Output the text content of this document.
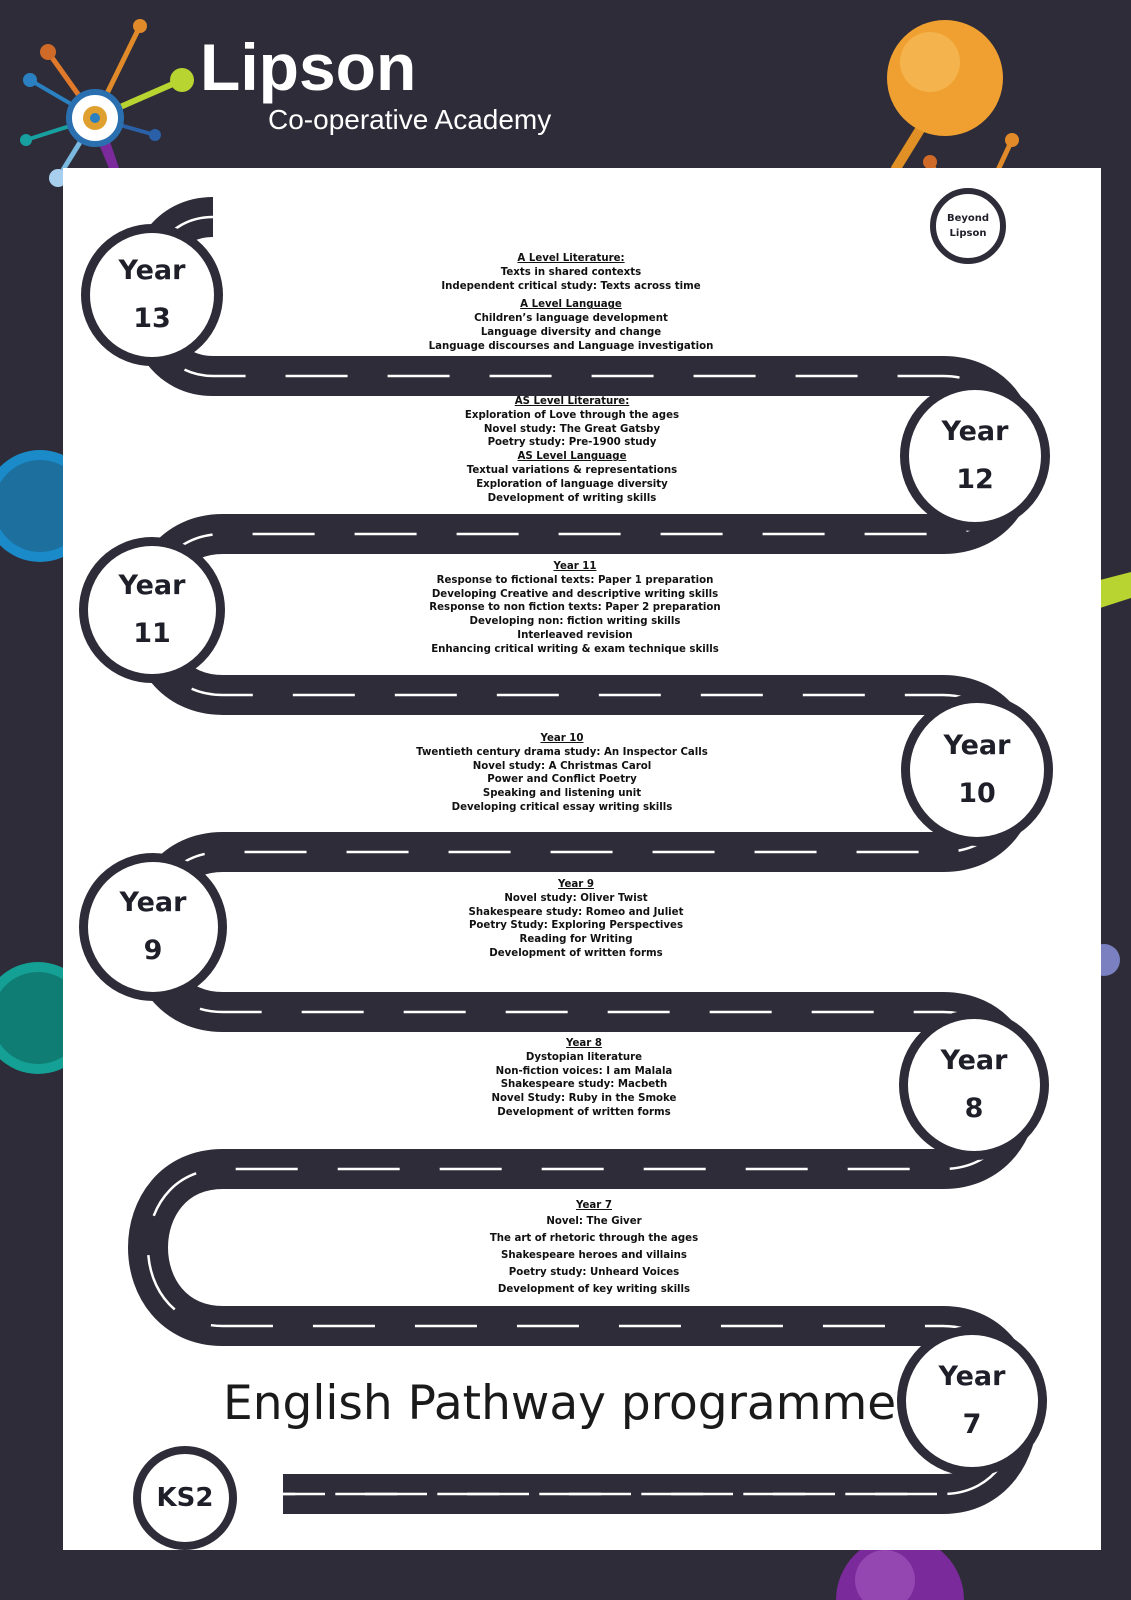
Lipson
Co-operative Academy
Year
13
Year
12
Year
11
Year
10
Year
9
Year
8
Year
7
KS2
Beyond
Lipson
A Level Literature:
Texts in shared contexts
Independent critical study: Texts across time
A Level Language
Children’s language development
Language diversity and change
Language discourses and Language investigation
AS Level Literature:
Exploration of Love through the ages
Novel study: The Great Gatsby
Poetry study: Pre-1900 study
AS Level Language
Textual variations & representations
Exploration of language diversity
Development of writing skills
Year 11
Response to fictional texts: Paper 1 preparation
Developing Creative and descriptive writing skills
Response to non fiction texts: Paper 2 preparation
Developing non: fiction writing skills
Interleaved revision
Enhancing critical writing & exam technique skills
Year 10
Twentieth century drama study: An Inspector Calls
Novel study: A Christmas Carol
Power and Conflict Poetry
Speaking and listening unit
Developing critical essay writing skills
Year 9
Novel study: Oliver Twist
Shakespeare study: Romeo and Juliet
Poetry Study: Exploring Perspectives
Reading for Writing
Development of written forms
Year 8
Dystopian literature
Non-fiction voices: I am Malala
Shakespeare study: Macbeth
Novel Study: Ruby in the Smoke
Development of written forms
Year 7
Novel: The Giver
The art of rhetoric through the ages
Shakespeare heroes and villains
Poetry study: Unheard Voices
Development of key writing skills
English Pathway programme
